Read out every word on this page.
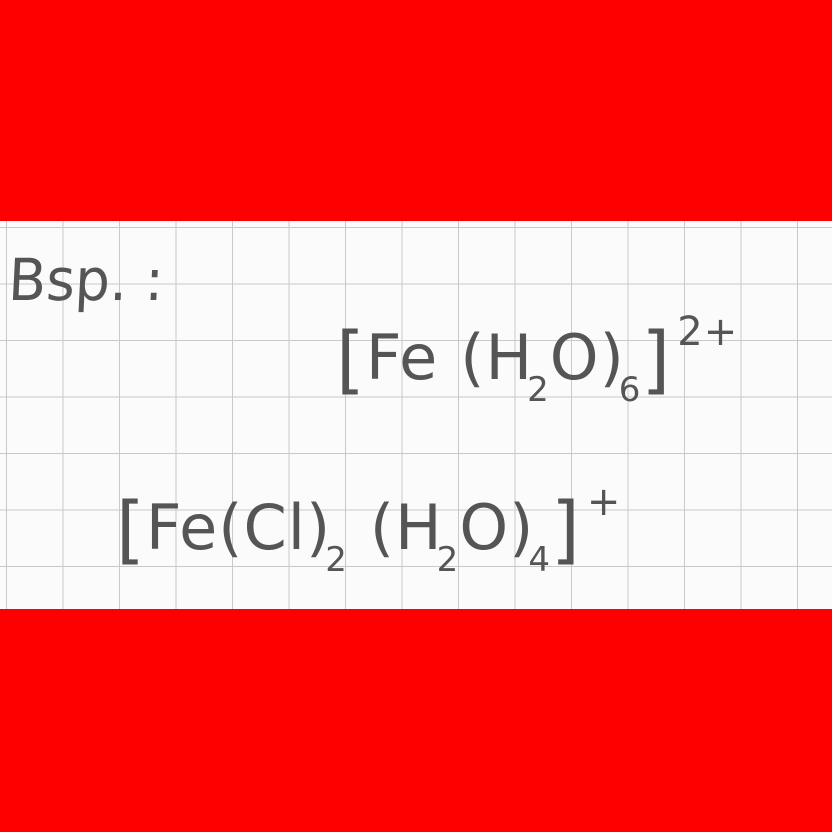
Bsp. :
[Fe $(H_2O)_6$] $^{2+}$
[$Fe(Cl)_2$ $(H_2O)_4$] +
